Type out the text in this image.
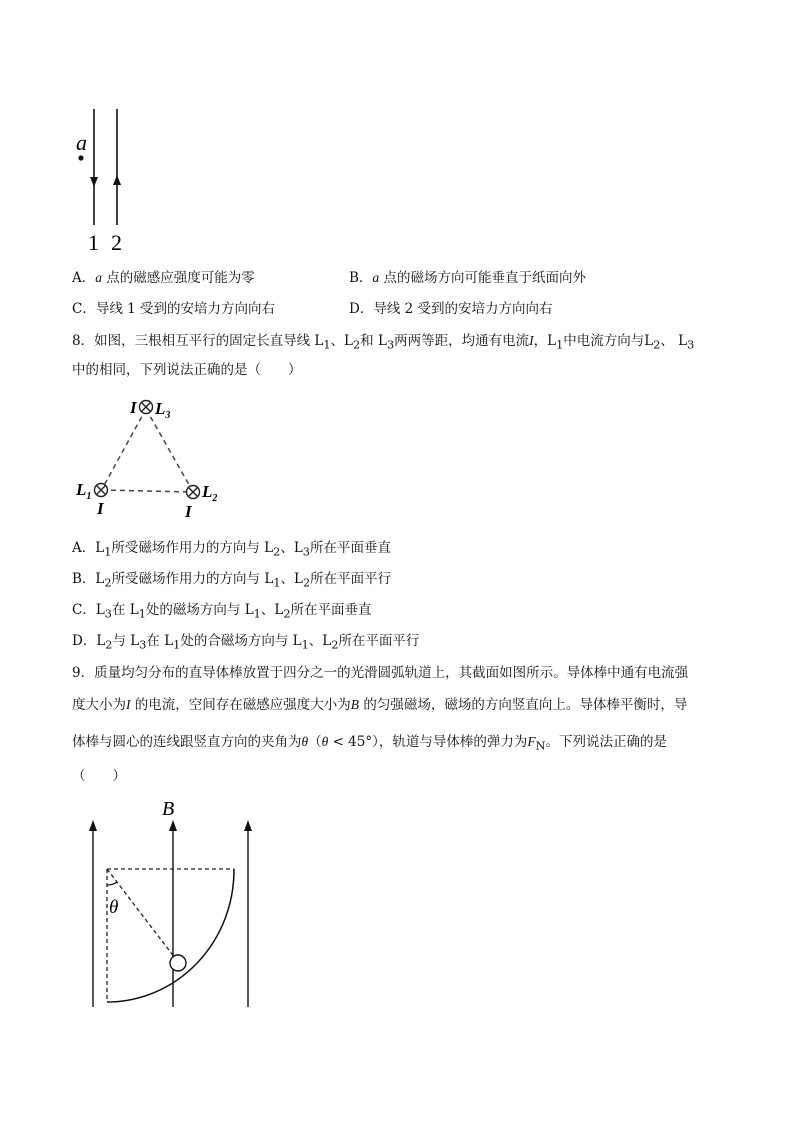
a
1 2
A．a 点的磁感应强度可能为零	B．a 点的磁场方向可能垂直于纸面向外
C．导线 1 受到的安培力方向向右	D．导线 2 受到的安培力方向向右
8．如图，三根相互平行的固定长直导线 $L_1$、$L_2$和 $L_3$两两等距，均通有电流I，$L_1$中电流方向与$L_2$、 $L_3$
中的相同，下列说法正确的是（　　）
I $L_3$
$L_1$
I
$L_2$
I
A．$L_1$所受磁场作用力的方向与 $L_2$、$L_3$所在平面垂直
B．$L_2$所受磁场作用力的方向与 $L_1$、$L_2$所在平面平行
C．$L_3$在 $L_1$处的磁场方向与 $L_1$、$L_2$所在平面垂直
D．$L_2$与 $L_3$在 $L_1$处的合磁场方向与 $L_1$、$L_2$所在平面平行
9．质量均匀分布的直导体棒放置于四分之一的光滑圆弧轨道上，其截面如图所示。导体棒中通有电流强
度大小为I 的电流，空间存在磁感应强度大小为B 的匀强磁场，磁场的方向竖直向上。导体棒平衡时，导
体棒与圆心的连线跟竖直方向的夹角为θ（θ < 45°），轨道与导体棒的弹力为$F_N$。下列说法正确的是
（　　）
B
θ
